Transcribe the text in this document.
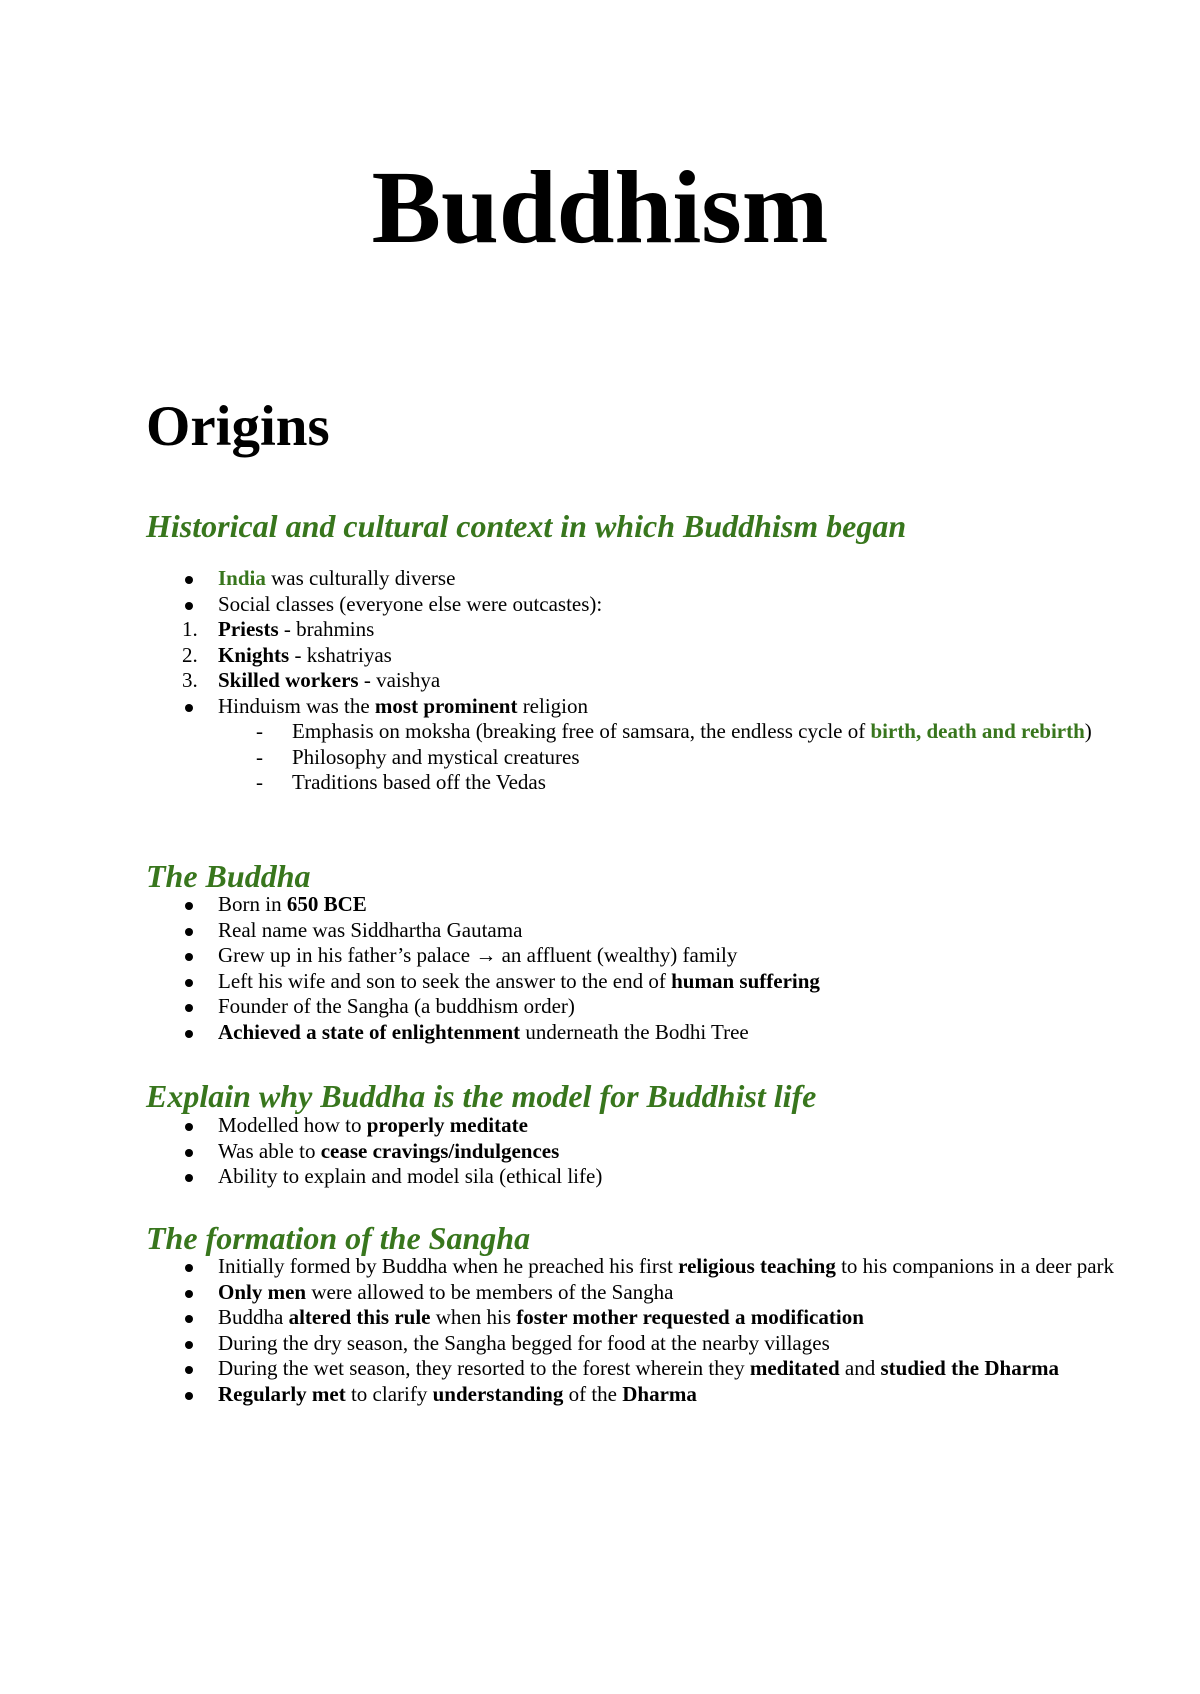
Buddhism
Origins
Historical and cultural context in which Buddhism began
India was culturally diverse
Social classes (everyone else were outcastes):
1. Priests - brahmins
2. Knights - kshatriyas
3. Skilled workers - vaishya
Hinduism was the most prominent religion
-	Emphasis on moksha (breaking free of samsara, the endless cycle of birth, death and rebirth)
-	Philosophy and mystical creatures
-	Traditions based off the Vedas
The Buddha
Born in 650 BCE
Real name was Siddhartha Gautama
Grew up in his father’s palace → an affluent (wealthy) family
Left his wife and son to seek the answer to the end of human suffering
Founder of the Sangha (a buddhism order)
Achieved a state of enlightenment underneath the Bodhi Tree
Explain why Buddha is the model for Buddhist life
Modelled how to properly meditate
Was able to cease cravings/indulgences
Ability to explain and model sila (ethical life)
The formation of the Sangha
Initially formed by Buddha when he preached his first religious teaching to his companions in a deer park
Only men were allowed to be members of the Sangha
Buddha altered this rule when his foster mother requested a modification
During the dry season, the Sangha begged for food at the nearby villages
During the wet season, they resorted to the forest wherein they meditated and studied the Dharma
Regularly met to clarify understanding of the Dharma
